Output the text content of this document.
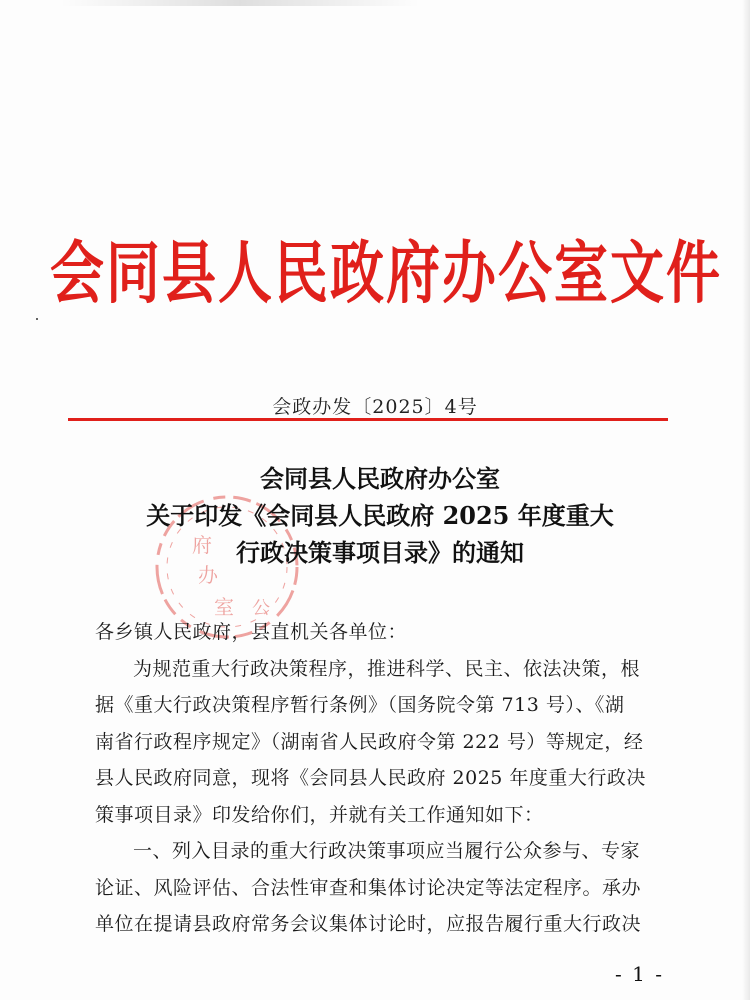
会同县人民政府办公室文件
会政办发〔2025〕4号
府
办
室 公
会同县人民政府办公室
关于印发《会同县人民政府 2025 年度重大
行政决策事项目录》的通知

各乡镇人民政府，县直机关各单位：

为规范重大行政决策程序，推进科学、民主、依法决策，根

据《重大行政决策程序暂行条例》（国务院令第 713 号）、《湖

南省行政程序规定》（湖南省人民政府令第 222 号）等规定，经

县人民政府同意，现将《会同县人民政府 2025 年度重大行政决

策事项目录》印发给你们，并就有关工作通知如下：

一、列入目录的重大行政决策事项应当履行公众参与、专家

论证、风险评估、合法性审查和集体讨论决定等法定程序。承办

单位在提请县政府常务会议集体讨论时，应报告履行重大行政决

- 1 -
